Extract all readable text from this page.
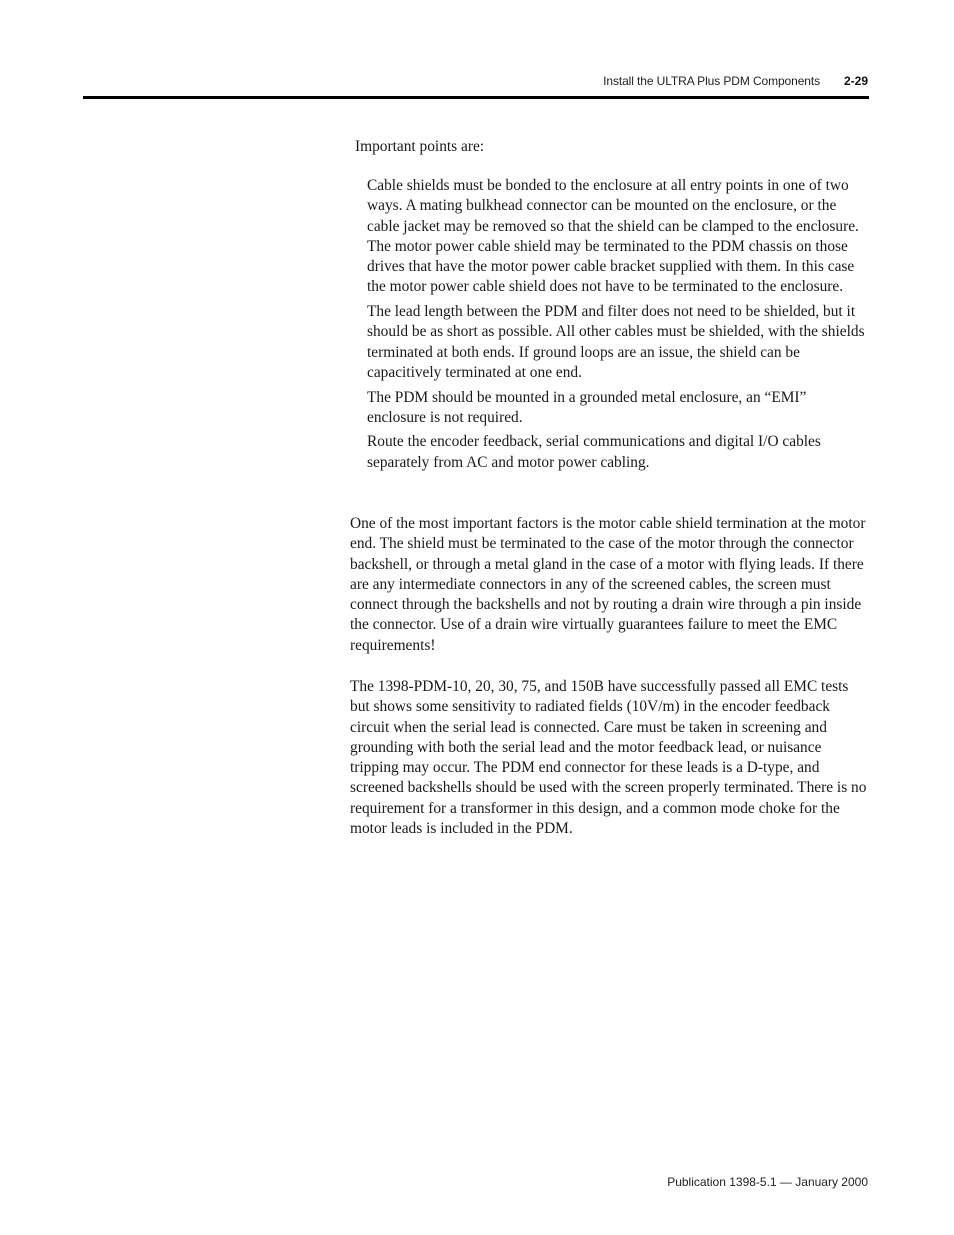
Install the ULTRA Plus PDM Components 2-29

Important points are:

Cable shields must be bonded to the enclosure at all entry points in one of two ways. A mating bulkhead connector can be mounted on the enclosure, or the cable jacket may be removed so that the shield can be clamped to the enclosure. The motor power cable shield may be terminated to the PDM chassis on those drives that have the motor power cable bracket supplied with them. In this case the motor power cable shield does not have to be terminated to the enclosure.
The lead length between the PDM and filter does not need to be shielded, but it should be as short as possible. All other cables must be shielded, with the shields terminated at both ends. If ground loops are an issue, the shield can be capacitively terminated at one end.
The PDM should be mounted in a grounded metal enclosure, an “EMI” enclosure is not required.
Route the encoder feedback, serial communications and digital I/O cables separately from AC and motor power cabling.

One of the most important factors is the motor cable shield termination at the motor end. The shield must be terminated to the case of the motor through the connector backshell, or through a metal gland in the case of a motor with flying leads. If there are any intermediate connectors in any of the screened cables, the screen must connect through the backshells and not by routing a drain wire through a pin inside the connector. Use of a drain wire virtually guarantees failure to meet the EMC requirements!

The 1398-PDM-10, 20, 30, 75, and 150B have successfully passed all EMC tests but shows some sensitivity to radiated fields (10V/m) in the encoder feedback circuit when the serial lead is connected. Care must be taken in screening and grounding with both the serial lead and the motor feedback lead, or nuisance tripping may occur. The PDM end connector for these leads is a D-type, and screened backshells should be used with the screen properly terminated. There is no requirement for a transformer in this design, and a common mode choke for the motor leads is included in the PDM.

Publication 1398-5.1 — January 2000
